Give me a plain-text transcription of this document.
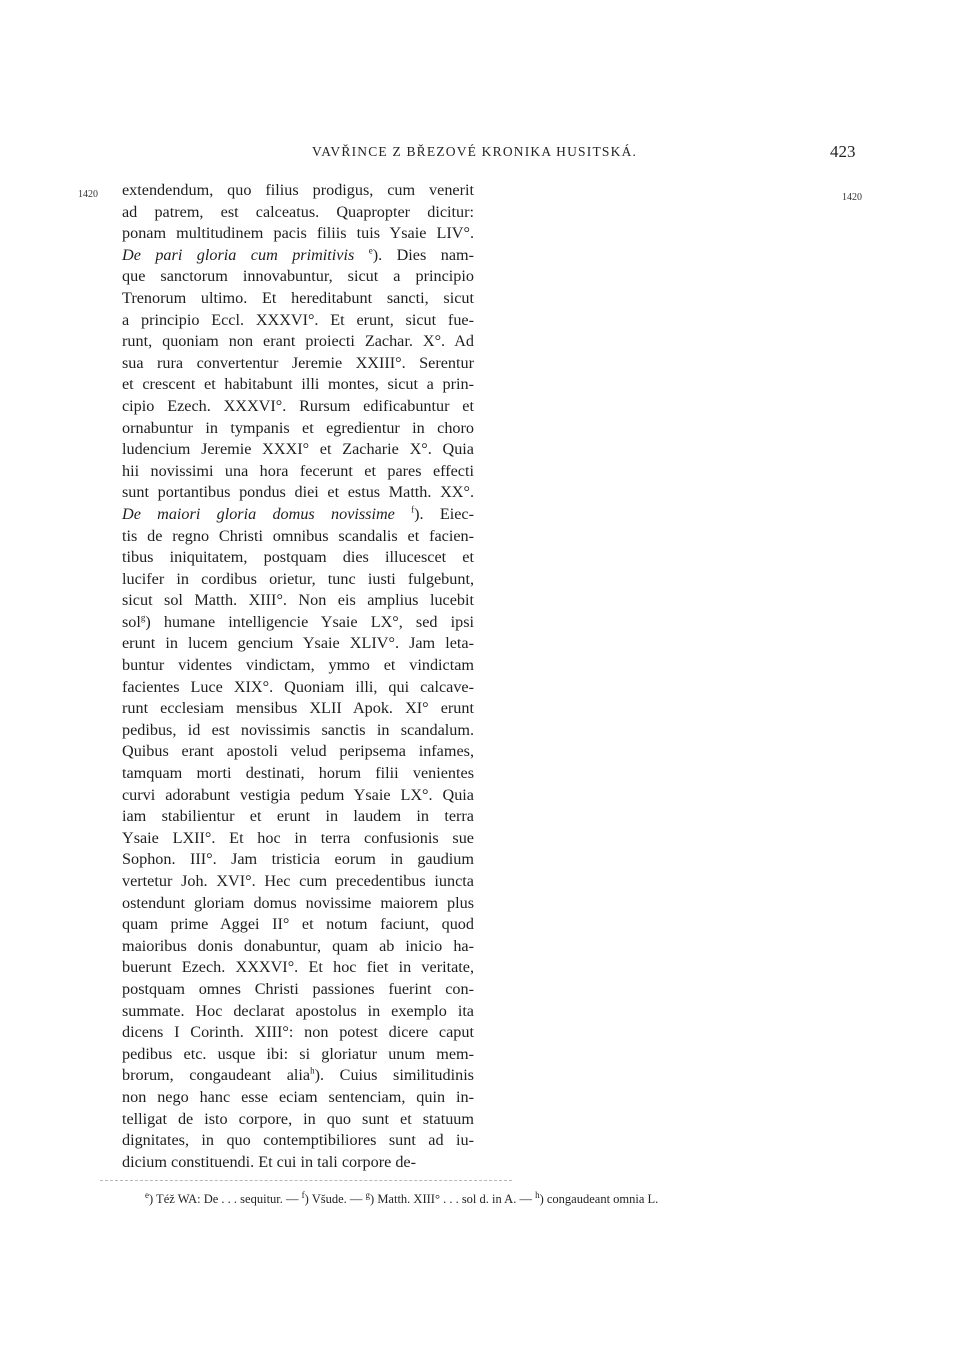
VAVŘINCE Z BŘEZOVÉ KRONIKA HUSITSKÁ.	423
1420	1420
extendendum, quo filius prodigus, cum venerit
ad patrem, est calceatus. Quapropter dicitur:
ponam multitudinem pacis filiis tuis Ysaie LIV°.
De pari gloria cum primitivis $^e$). Dies nam-
que sanctorum innovabuntur, sicut a principio
Trenorum ultimo. Et hereditabunt sancti, sicut
a principio Eccl. XXXVI°. Et erunt, sicut fue-
runt, quoniam non erant proiecti Zachar. X°. Ad
sua rura convertentur Jeremie XXIII°. Serentur
et crescent et habitabunt illi montes, sicut a prin-
cipio Ezech. XXXVI°. Rursum edificabuntur et
ornabuntur in tympanis et egredientur in choro
ludencium Jeremie XXXI° et Zacharie X°. Quia
hii novissimi una hora fecerunt et pares effecti
sunt portantibus pondus diei et estus Matth. XX°.
De maiori gloria domus novissime $^f$). Eiec-
tis de regno Christi omnibus scandalis et facien-
tibus iniquitatem, postquam dies illucescet et
lucifer in cordibus orietur, tunc iusti fulgebunt,
sicut sol Matth. XIII°. Non eis amplius lucebit
sol$^g$) humane intelligencie Ysaie LX°, sed ipsi
erunt in lucem gencium Ysaie XLIV°. Jam leta-
buntur videntes vindictam, ymmo et vindictam
facientes Luce XIX°. Quoniam illi, qui calcave-
runt ecclesiam mensibus XLII Apok. XI° erunt
pedibus, id est novissimis sanctis in scandalum.
Quibus erant apostoli velud peripsema infames,
tamquam morti destinati, horum filii venientes
curvi adorabunt vestigia pedum Ysaie LX°. Quia
iam stabilientur et erunt in laudem in terra
Ysaie LXII°. Et hoc in terra confusionis sue
Sophon. III°. Jam tristicia eorum in gaudium
vertetur Joh. XVI°. Hec cum precedentibus iuncta
ostendunt gloriam domus novissime maiorem plus
quam prime Aggei II° et notum faciunt, quod
maioribus donis donabuntur, quam ab inicio ha-
buerunt Ezech. XXXVI°. Et hoc fiet in veritate,
postquam omnes Christi passiones fuerint con-
summate. Hoc declarat apostolus in exemplo ita
dicens I Corinth. XIII°: non potest dicere caput
pedibus etc. usque ibi: si gloriatur unum mem-
brorum, congaudeant alia$^h$). Cuius similitudinis
non nego hanc esse eciam sentenciam, quin in-
telligat de isto corpore, in quo sunt et statuum
dignitates, in quo contemptibiliores sunt ad iu-
dicium constituendi. Et cui in tali corpore de-
$^e$) Též WA: De . . . sequitur. — $^f$) Všude. — $^g$) Matth. XIII° . . . sol d. in A. — $^h$) congaudeant omnia L.
